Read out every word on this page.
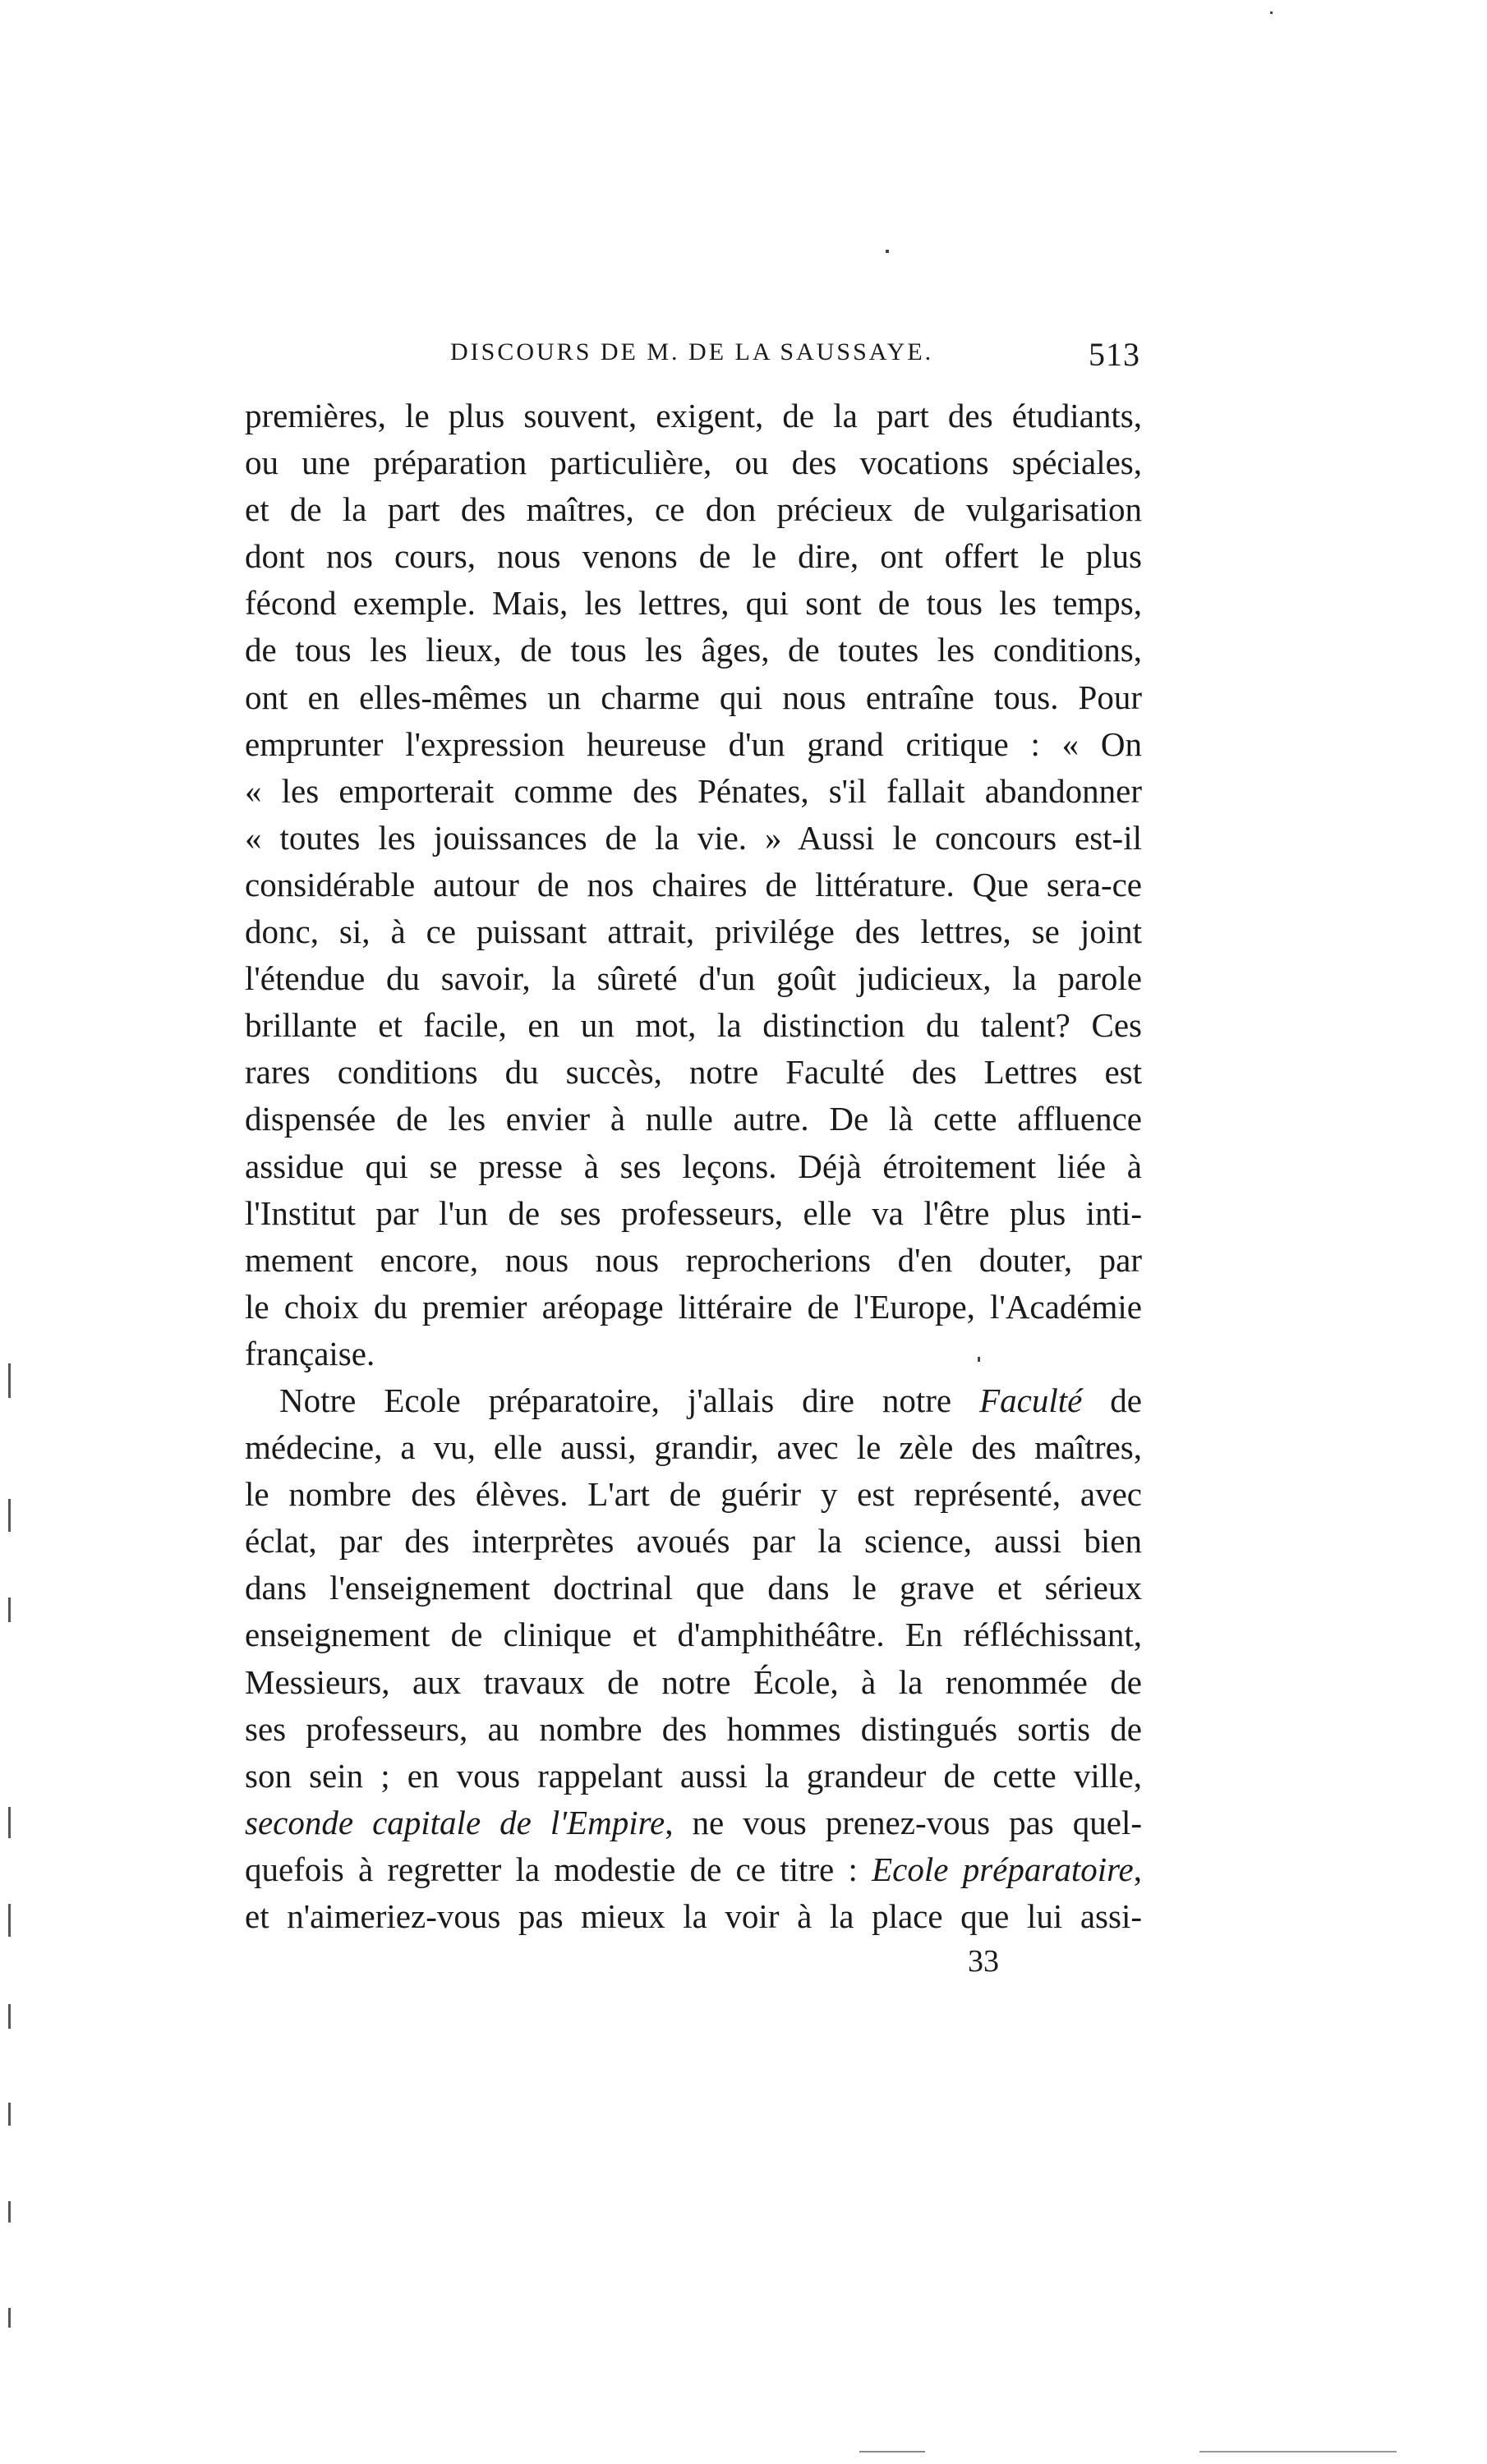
DISCOURS DE M. DE LA SAUSSAYE.	513
premières, le plus souvent, exigent, de la part des étudiants,
ou une préparation particulière, ou des vocations spéciales,
et de la part des maîtres, ce don précieux de vulgarisation
dont nos cours, nous venons de le dire, ont offert le plus
fécond exemple. Mais, les lettres, qui sont de tous les temps,
de tous les lieux, de tous les âges, de toutes les conditions,
ont en elles-mêmes un charme qui nous entraîne tous. Pour
emprunter l'expression heureuse d'un grand critique : « On
« les emporterait comme des Pénates, s'il fallait abandonner
« toutes les jouissances de la vie. » Aussi le concours est-il
considérable autour de nos chaires de littérature. Que sera-ce
donc, si, à ce puissant attrait, privilége des lettres, se joint
l'étendue du savoir, la sûreté d'un goût judicieux, la parole
brillante et facile, en un mot, la distinction du talent? Ces
rares conditions du succès, notre Faculté des Lettres est
dispensée de les envier à nulle autre. De là cette affluence
assidue qui se presse à ses leçons. Déjà étroitement liée à
l'Institut par l'un de ses professeurs, elle va l'être plus inti-
mement encore, nous nous reprocherions d'en douter, par
le choix du premier aréopage littéraire de l'Europe, l'Académie
française.
Notre Ecole préparatoire, j'allais dire notre Faculté de
médecine, a vu, elle aussi, grandir, avec le zèle des maîtres,
le nombre des élèves. L'art de guérir y est représenté, avec
éclat, par des interprètes avoués par la science, aussi bien
dans l'enseignement doctrinal que dans le grave et sérieux
enseignement de clinique et d'amphithéâtre. En réfléchissant,
Messieurs, aux travaux de notre École, à la renommée de
ses professeurs, au nombre des hommes distingués sortis de
son sein ; en vous rappelant aussi la grandeur de cette ville,
seconde capitale de l'Empire, ne vous prenez-vous pas quel-
quefois à regretter la modestie de ce titre : Ecole préparatoire,
et n'aimeriez-vous pas mieux la voir à la place que lui assi-
33
